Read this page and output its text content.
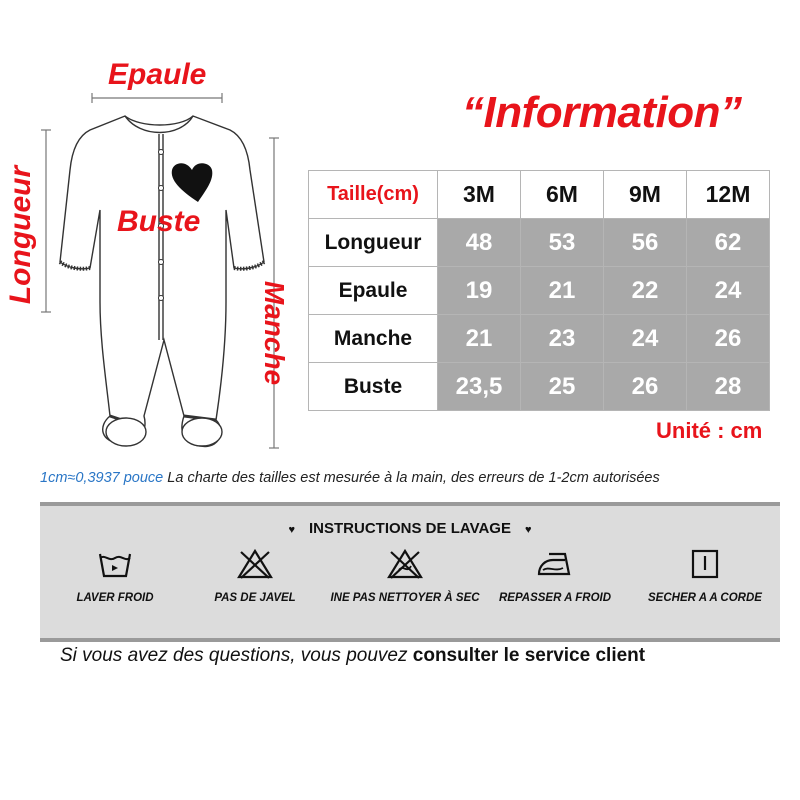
Epaule
Buste
Longueur
Manche
“Information”
Taille(cm)	3M	6M	9M	12M
Longueur	48	53	56	62
Epaule	19	21	22	24
Manche	21	23	24	26
Buste	23,5	25	26	28
Unité : cm
1cm≈0,3937 pouce La charte des tailles est mesurée à la main, des erreurs de 1-2cm autorisées
♥ INSTRUCTIONS DE LAVAGE ♥
LAVER FROID	PAS DE JAVEL	INE PAS NETTOYER À SEC	REPASSER A FROID	SECHER A A CORDE
Si vous avez des questions, vous pouvez consulter le service client
